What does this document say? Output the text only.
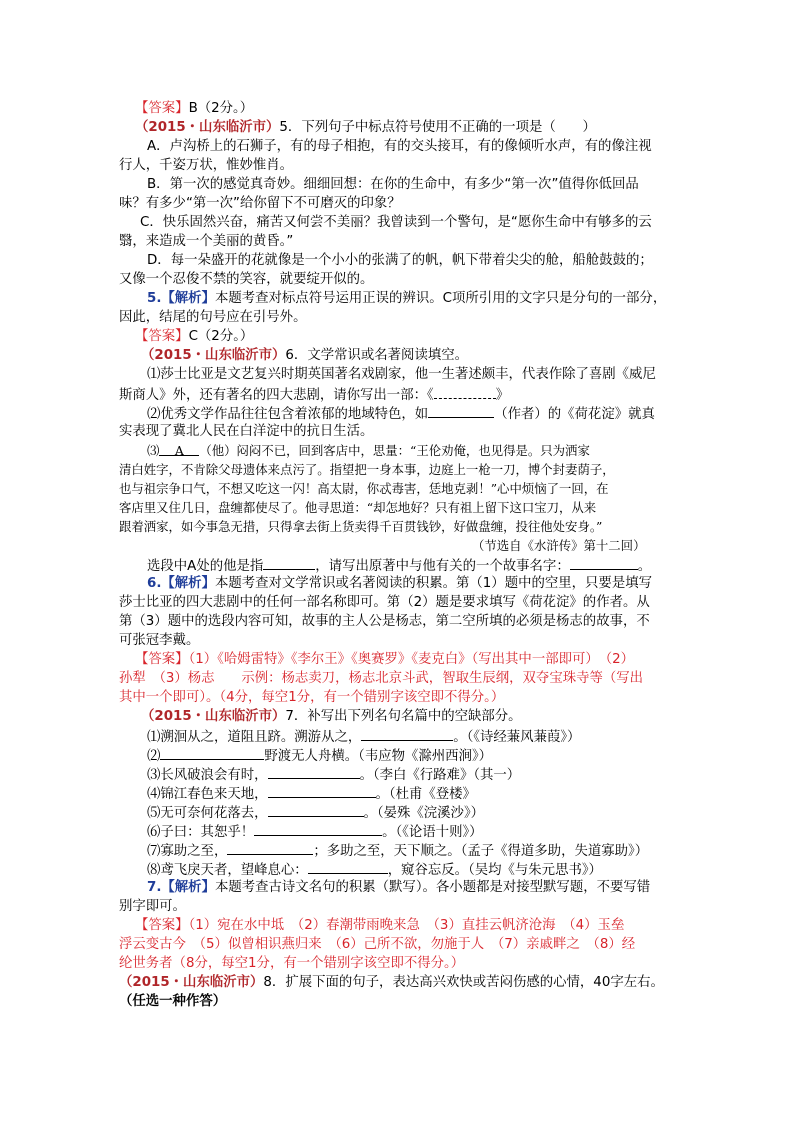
【答案】B（2分。）
（2015・山东临沂市）5．下列句子中标点符号使用不正确的一项是（　　）
A．卢沟桥上的石狮子，有的母子相抱，有的交头接耳，有的像倾听水声，有的像注视
行人，千姿万状，惟妙惟肖。
B．第一次的感觉真奇妙。细细回想：在你的生命中，有多少“第一次”值得你低回品
味？有多少“第一次”给你留下不可磨灭的印象？
C．快乐固然兴奋，痛苦又何尝不美丽？我曾读到一个警句，是“愿你生命中有够多的云
翳，来造成一个美丽的黄昏。”
D．每一朵盛开的花就像是一个小小的张满了的帆，帆下带着尖尖的舱，船舱鼓鼓的；
又像一个忍俊不禁的笑容，就要绽开似的。
5.【解析】本题考查对标点符号运用正误的辨识。C项所引用的文字只是分句的一部分，
因此，结尾的句号应在引号外。
【答案】C（2分。）
（2015・山东临沂市）6．文学常识或名著阅读填空。
⑴莎士比亚是文艺复兴时期英国著名戏剧家，他一生著述颇丰，代表作除了喜剧《威尼
斯商人》外，还有著名的四大悲剧，请你写出一部：《	》
⑵优秀文学作品往往包含着浓郁的地域特色，如	（作者）的《荷花淀》就真
实表现了冀北人民在白洋淀中的抗日生活。
⑶ A （他）闷闷不已，回到客店中，思量：“王伦劝俺，也见得是。只为洒家
清白姓字，不肯除父母遗体来点污了。指望把一身本事，边庭上一枪一刀，博个封妻荫子，
也与祖宗争口气，不想又吃这一闪！高太尉，你忒毒害，恁地克剥！”心中烦恼了一回，在
客店里又住几日，盘缠都使尽了。他寻思道：“却怎地好？只有祖上留下这口宝刀，从来
跟着洒家，如今事急无措，只得拿去街上货卖得千百贯钱钞，好做盘缠，投往他处安身。”
（节选自《水浒传》第十二回）
选段中A处的他是指	，请写出原著中与他有关的一个故事名字：	。
6.【解析】本题考查对文学常识或名著阅读的积累。第（1）题中的空里，只要是填写
莎士比亚的四大悲剧中的任何一部名称即可。第（2）题是要求填写《荷花淀》的作者。从
第（3）题中的选段内容可知，故事的主人公是杨志，第二空所填的必须是杨志的故事，不
可张冠李戴。
【答案】（1）《哈姆雷特》《李尔王》《奥赛罗》《麦克白》（写出其中一部即可）　（2）
孙犁　（3）杨志　　示例：杨志卖刀，杨志北京斗武，智取生辰纲，双夺宝珠寺等（写出
其中一个即可）。（4分，每空1分，有一个错别字该空即不得分。）
（2015・山东临沂市）7．补写出下列名句名篇中的空缺部分。
⑴溯洄从之，道阻且跻。溯游从之，	。（《诗经蒹风蒹葭》）
⑵	野渡无人舟横。（韦应物《滁州西涧》）
⑶长风破浪会有时，	。（李白《行路难》（其一）
⑷锦江春色来天地，	。（杜甫《登楼》
⑸无可奈何花落去，	。（晏殊《浣溪沙》）
⑹子曰：其恕乎！	。（《论语十则》）
⑺寡助之至，	；多助之至，天下顺之。（孟子《得道多助，失道寡助》）
⑻鸢飞戾天者，望峰息心：	，窥谷忘反。（吴均《与朱元思书》）
7.【解析】本题考查古诗文名句的积累（默写）。各小题都是对接型默写题，不要写错
别字即可。
【答案】（1）宛在水中坻　（2）春潮带雨晚来急　（3）直挂云帆济沧海　（4）玉垒
浮云变古今　（5）似曾相识燕归来　（6）己所不欲，勿施于人　（7）亲戚畔之　（8）经
纶世务者（8分，每空1分，有一个错别字该空即不得分。）
（2015・山东临沂市）8．扩展下面的句子，表达高兴欢快或苦闷伤感的心情，40字左右。
（任选一种作答）
